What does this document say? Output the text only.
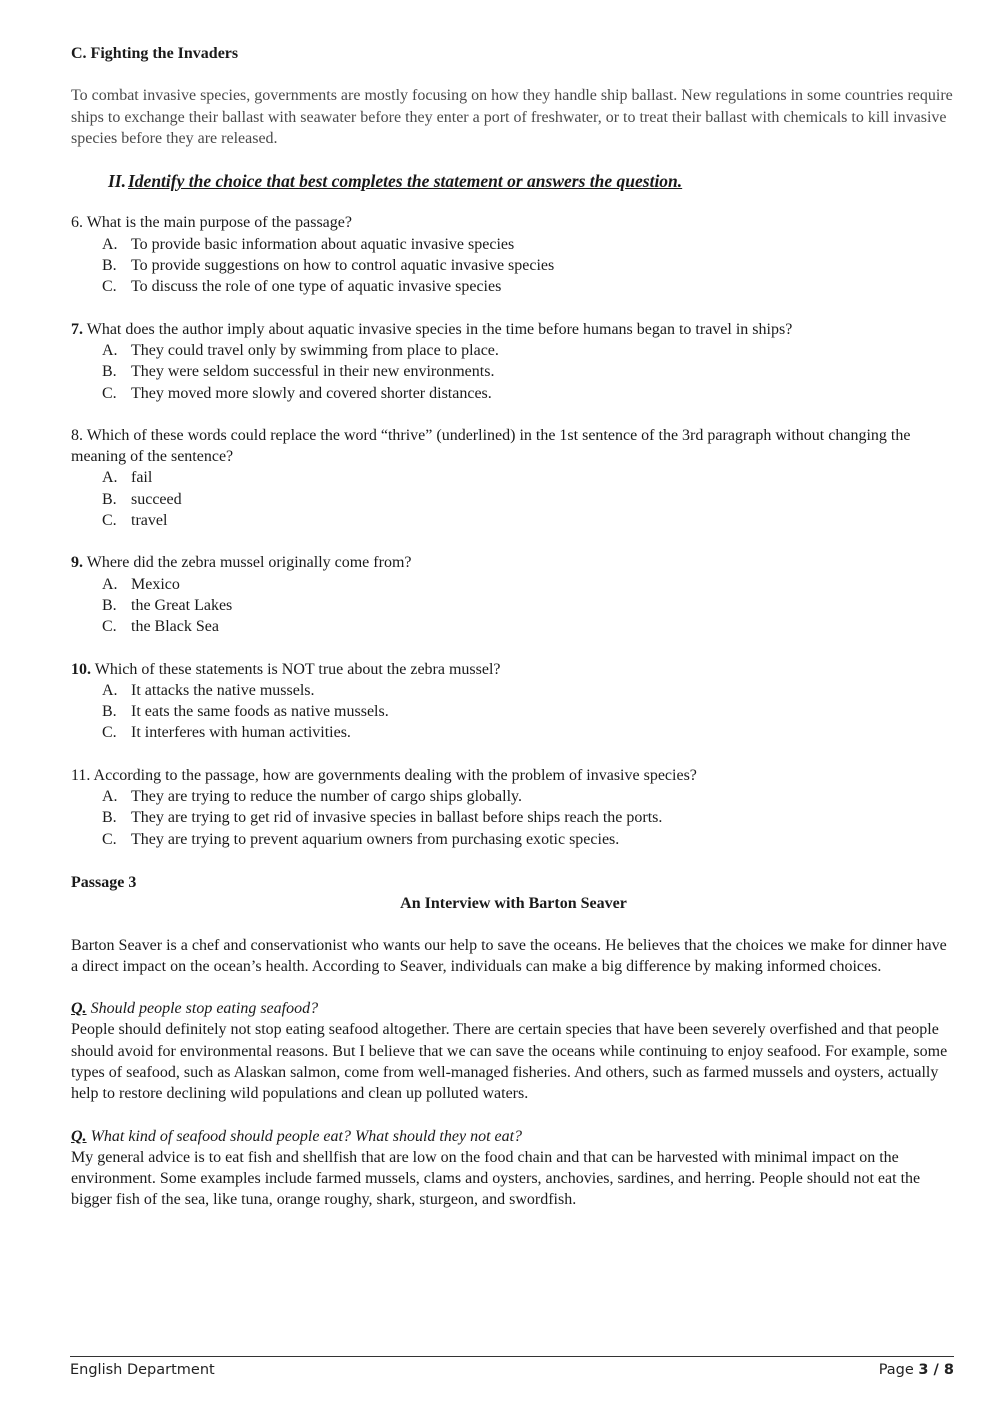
C. Fighting the Invaders

To combat invasive species, governments are mostly focusing on how they handle ship ballast. New regulations in some countries require ships to exchange their ballast with seawater before they enter a port of freshwater, or to treat their ballast with chemicals to kill invasive species before they are released.

II. Identify the choice that best completes the statement or answers the question.

6. What is the main purpose of the passage?

A. To provide basic information about aquatic invasive species
B. To provide suggestions on how to control aquatic invasive species
C. To discuss the role of one type of aquatic invasive species

7. What does the author imply about aquatic invasive species in the time before humans began to travel in ships?

A. They could travel only by swimming from place to place.
B. They were seldom successful in their new environments.
C. They moved more slowly and covered shorter distances.

8. Which of these words could replace the word “thrive” (underlined) in the 1st sentence of the 3rd paragraph without changing the meaning of the sentence?

A. fail
B. succeed
C. travel

9. Where did the zebra mussel originally come from?

A. Mexico
B. the Great Lakes
C. the Black Sea

10. Which of these statements is NOT true about the zebra mussel?

A. It attacks the native mussels.
B. It eats the same foods as native mussels.
C. It interferes with human activities.

11. According to the passage, how are governments dealing with the problem of invasive species?

A. They are trying to reduce the number of cargo ships globally.
B. They are trying to get rid of invasive species in ballast before ships reach the ports.
C. They are trying to prevent aquarium owners from purchasing exotic species.
Passage 3
An Interview with Barton Seaver

Barton Seaver is a chef and conservationist who wants our help to save the oceans. He believes that the choices we make for dinner have a direct impact on the ocean’s health. According to Seaver, individuals can make a big difference by making informed choices.

Q. Should people stop eating seafood?

People should definitely not stop eating seafood altogether. There are certain species that have been severely overfished and that people should avoid for environmental reasons. But I believe that we can save the oceans while continuing to enjoy seafood. For example, some types of seafood, such as Alaskan salmon, come from well-managed fisheries. And others, such as farmed mussels and oysters, actually help to restore declining wild populations and clean up polluted waters.

Q. What kind of seafood should people eat? What should they not eat?

My general advice is to eat fish and shellfish that are low on the food chain and that can be harvested with minimal impact on the environment. Some examples include farmed mussels, clams and oysters, anchovies, sardines, and herring. People should not eat the bigger fish of the sea, like tuna, orange roughy, shark, sturgeon, and swordfish.

English Department	Page 3 / 8
